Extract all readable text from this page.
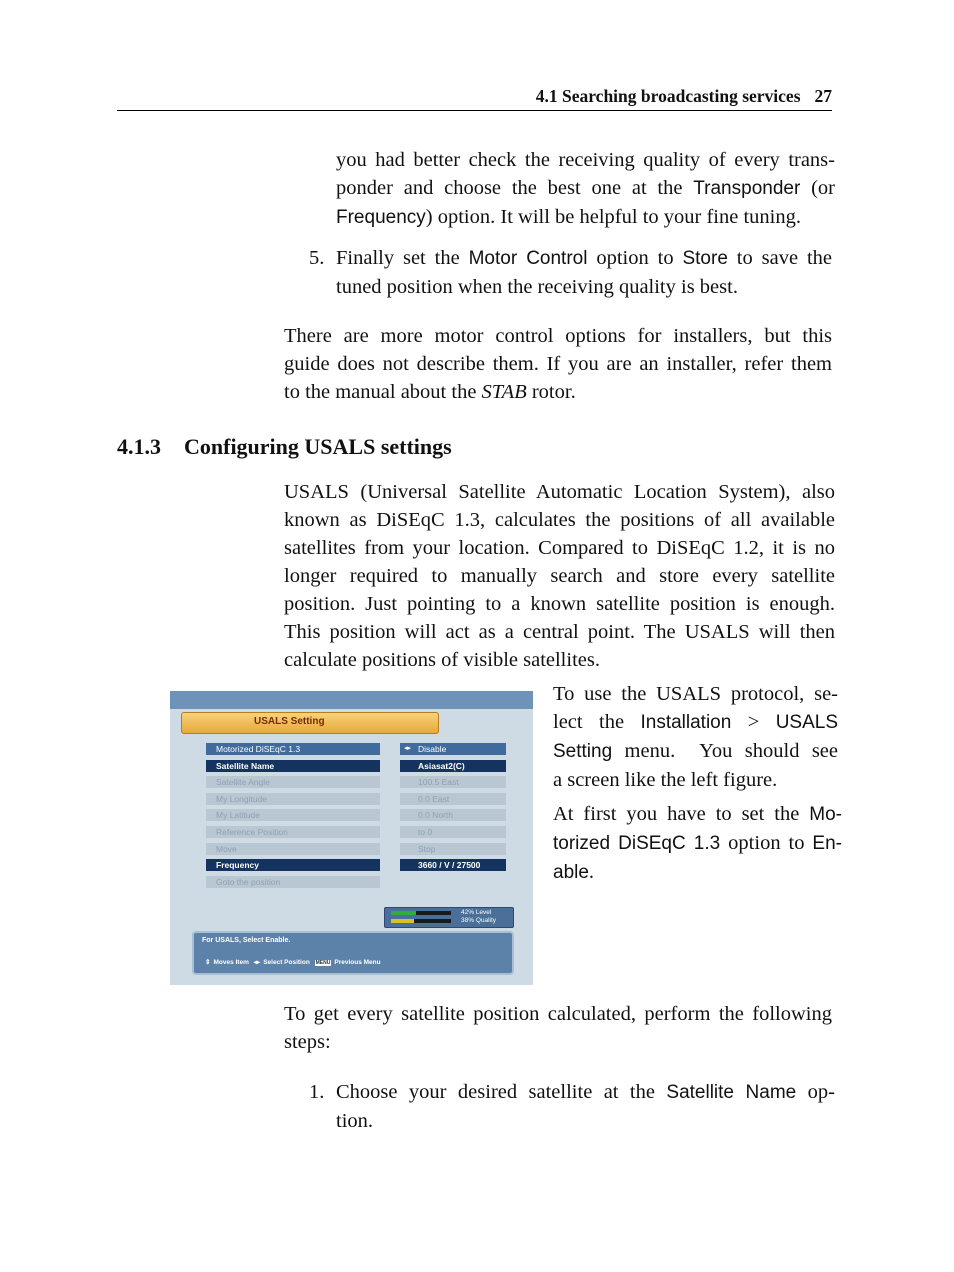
4.1 Searching broadcasting services 27
you had better check the receiving quality of every trans-
ponder and choose the best one at the Transponder (or
Frequency) option. It will be helpful to your fine tuning.
5. Finally set the Motor Control option to Store to save the
tuned position when the receiving quality is best.
There are more motor control options for installers, but this
guide does not describe them. If you are an installer, refer them
to the manual about the STAB rotor.
4.1.3 Configuring USALS settings
USALS (Universal Satellite Automatic Location System), also
known as DiSEqC 1.3, calculates the positions of all available
satellites from your location. Compared to DiSEqC 1.2, it is no
longer required to manually search and store every satellite
position. Just pointing to a known satellite position is enough.
This position will act as a central point. The USALS will then
calculate positions of visible satellites.
USALS Setting
Motorized DiSEqC 1.3	◂▸ Disable
Satellite Name	Asiasat2(C)
Satellite Angle	100.5 East
My Longitude	0.0 East
My Latitude	0.0 North
Reference Position	to 0
Move	Stop
Frequency	3660 / V / 27500
Goto the position
42% Level
38% Quality
For USALS, Select Enable.
⇕ Moves Item ◂▸ Select Position MENU Previous Menu
To use the USALS protocol, se-
lect the Installation > USALS
Setting menu.  You should see
a screen like the left figure.
At first you have to set the Mo-
torized DiSEqC 1.3 option to En-
able.
To get every satellite position calculated, perform the following
steps:
1. Choose your desired satellite at the Satellite Name op-
tion.
